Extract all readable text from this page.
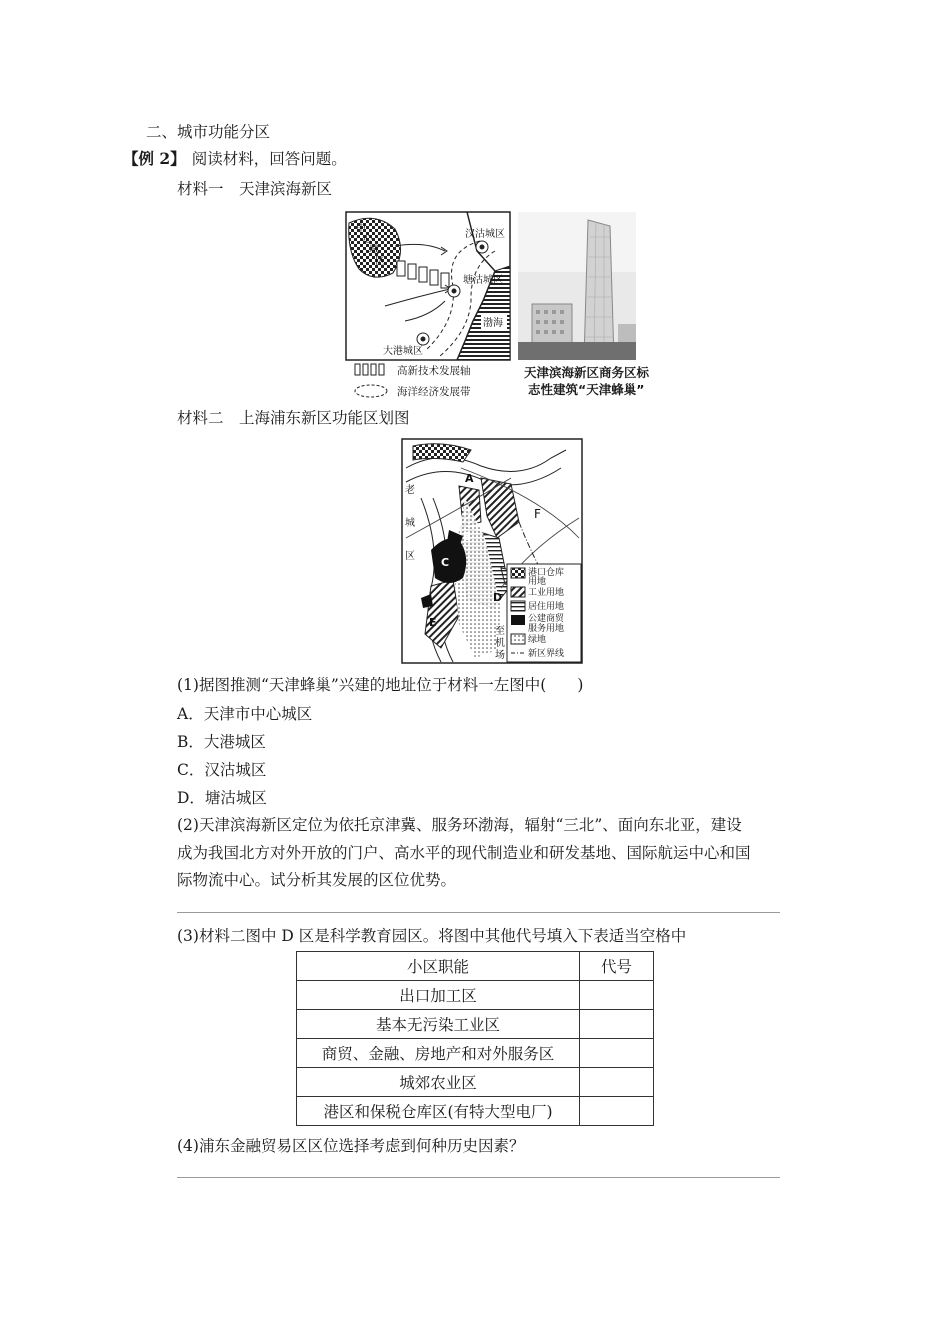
二、城市功能分区
【例 2】 阅读材料，回答问题。
材料一　天津滨海新区
中
心
城
区
汉沽城区
塘沽城区
渤海
大港城区
高新技术发展轴
海洋经济发展带
天津滨海新区商务区标
志性建筑“天津蜂巢”
材料二　上海浦东新区功能区划图
港口仓库
用地
工业用地
居住用地
公建商贸
服务用地
绿地
新区界线
A
B
C
D
E
F
老
城
区
至
机
场
(1)据图推测“天津蜂巢”兴建的地址位于材料一左图中(　　)
A．天津市中心城区
B．大港城区
C．汉沽城区
D．塘沽城区
(2)天津滨海新区定位为依托京津冀、服务环渤海，辐射“三北”、面向东北亚，建设
成为我国北方对外开放的门户、高水平的现代制造业和研发基地、国际航运中心和国
际物流中心。试分析其发展的区位优势。
(3)材料二图中 D 区是科学教育园区。将图中其他代号填入下表适当空格中
小区职能	代号
出口加工区	
基本无污染工业区	
商贸、金融、房地产和对外服务区	
城郊农业区	
港区和保税仓库区(有特大型电厂)	
(4)浦东金融贸易区区位选择考虑到何种历史因素？
